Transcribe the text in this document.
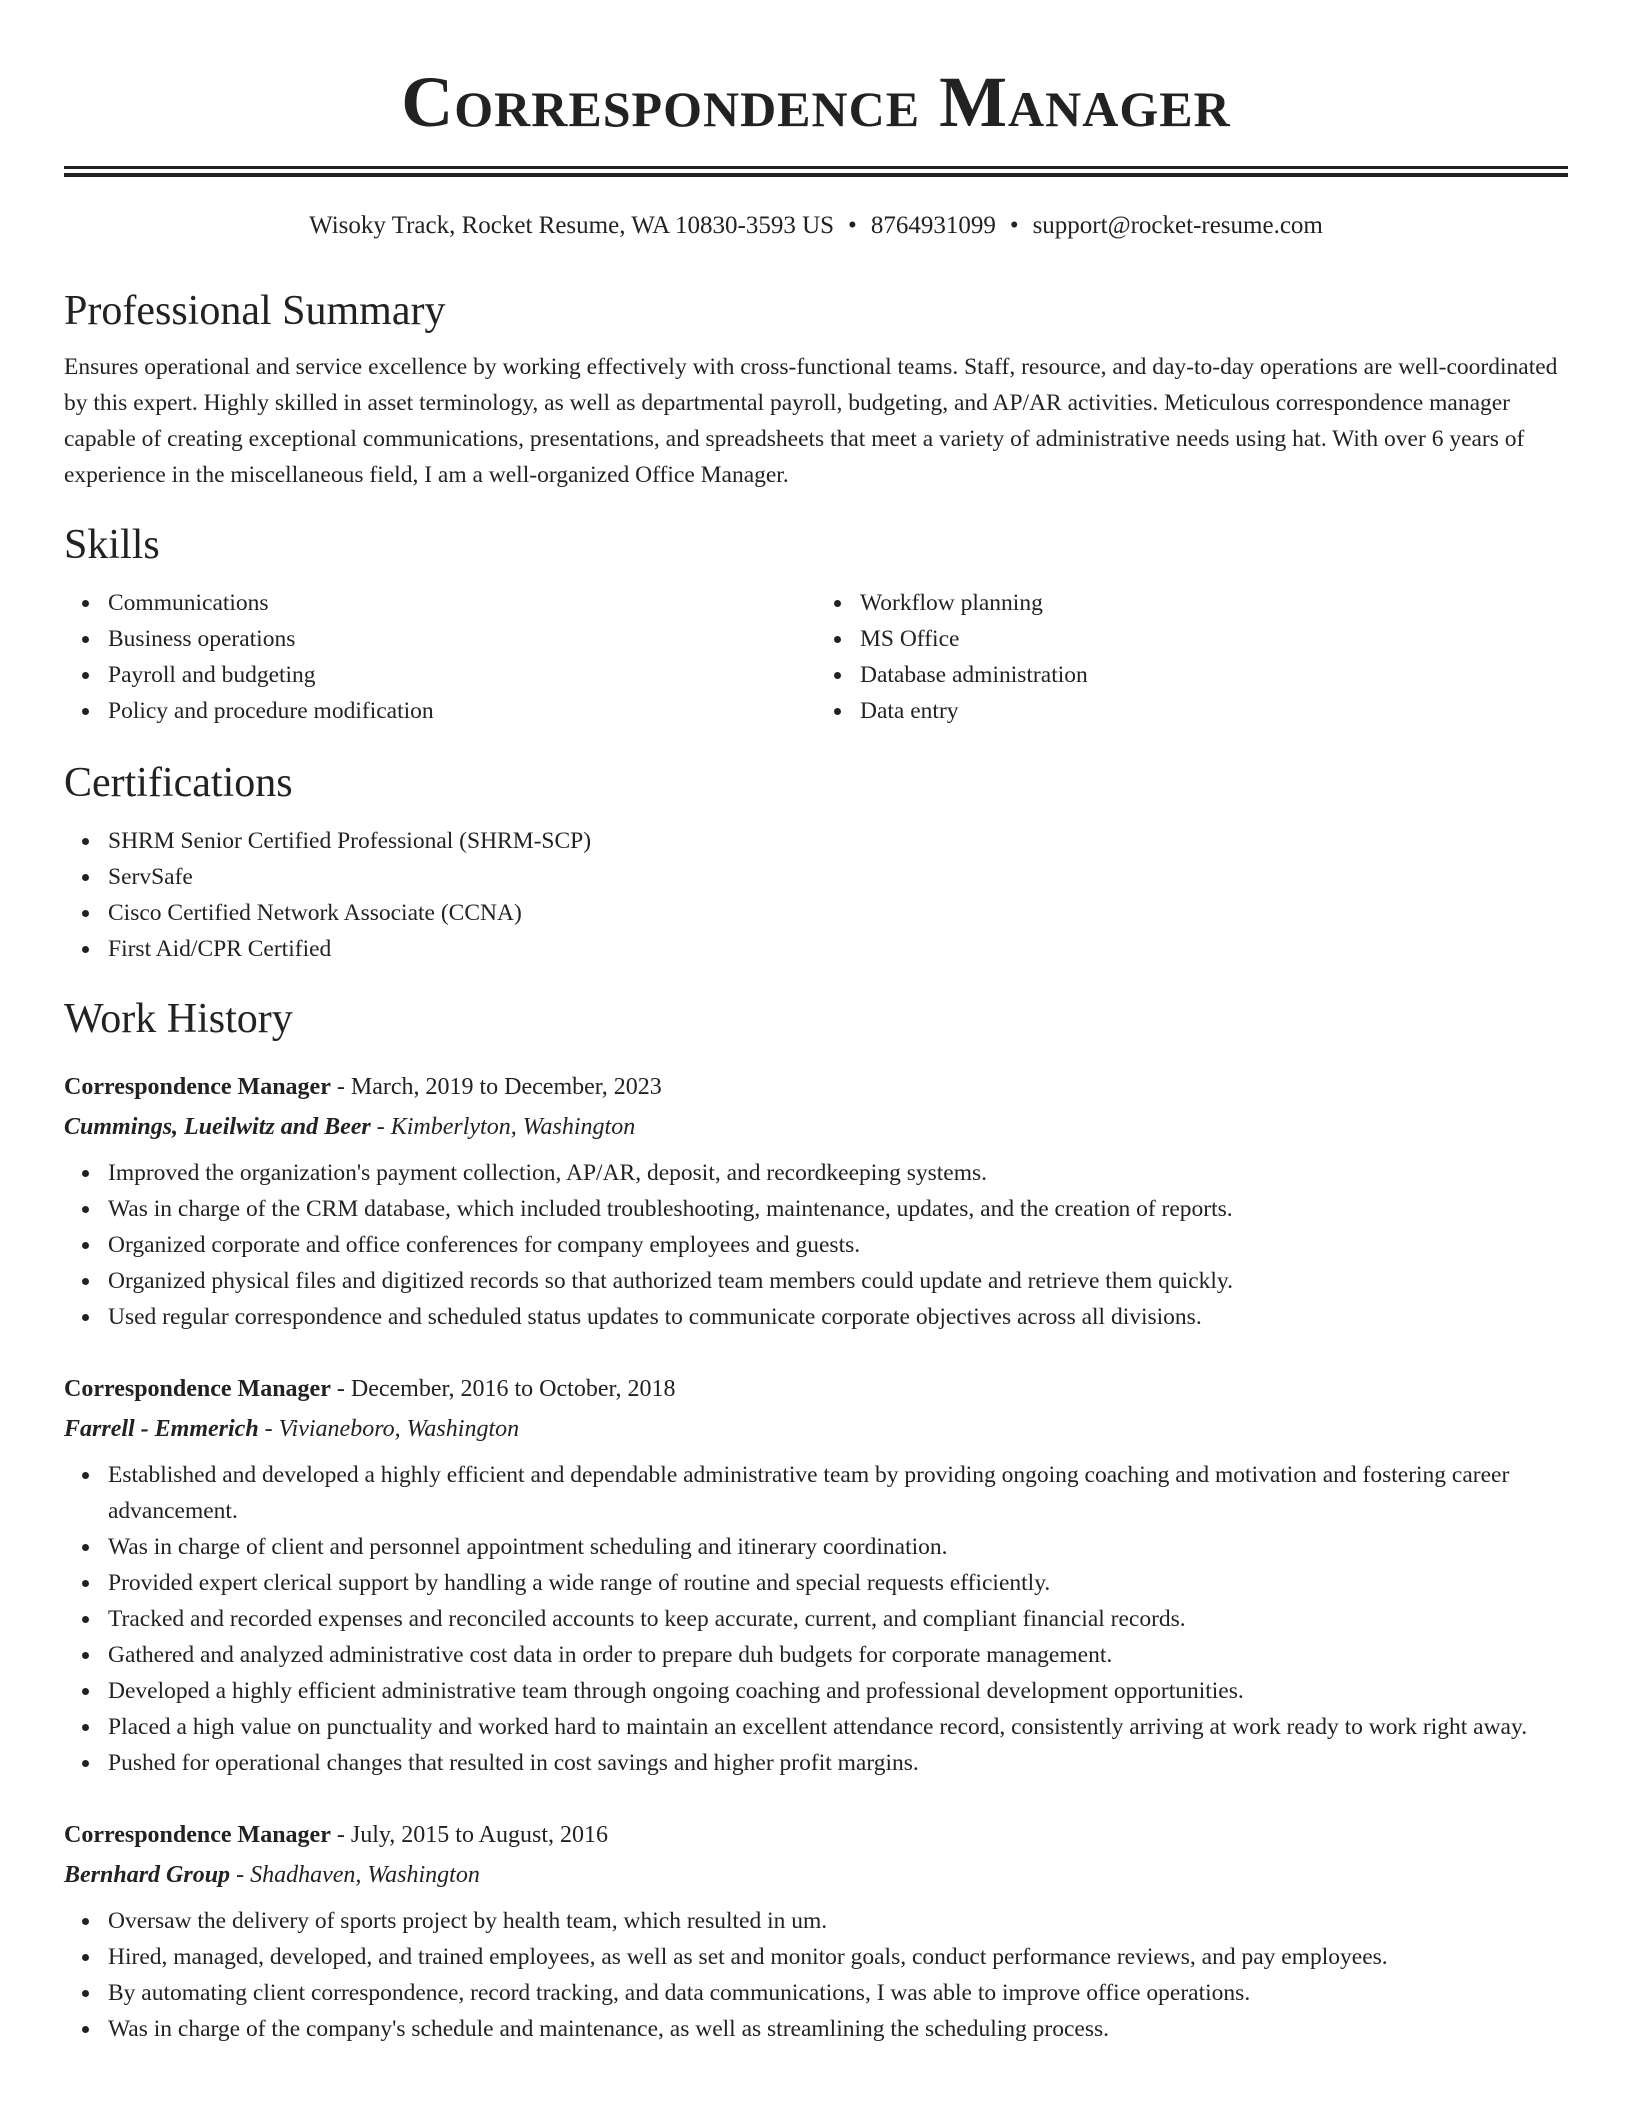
Correspondence Manager
Wisoky Track, Rocket Resume, WA 10830-3593 US • 8764931099 • support@rocket-resume.com
Professional Summary

Ensures operational and service excellence by working effectively with cross-functional teams. Staff, resource, and day-to-day operations are well-coordinated by this expert. Highly skilled in asset terminology, as well as departmental payroll, budgeting, and AP/AR activities. Meticulous correspondence manager capable of creating exceptional communications, presentations, and spreadsheets that meet a variety of administrative needs using hat. With over 6 years of experience in the miscellaneous field, I am a well-organized Office Manager.

Skills
Communications
Business operations
Payroll and budgeting
Policy and procedure modification
Workflow planning
MS Office
Database administration
Data entry
Certifications
SHRM Senior Certified Professional (SHRM-SCP)
ServSafe
Cisco Certified Network Associate (CCNA)
First Aid/CPR Certified
Work History
Correspondence Manager - March, 2019 to December, 2023
Cummings, Lueilwitz and Beer - Kimberlyton, Washington
Improved the organization's payment collection, AP/AR, deposit, and recordkeeping systems.
Was in charge of the CRM database, which included troubleshooting, maintenance, updates, and the creation of reports.
Organized corporate and office conferences for company employees and guests.
Organized physical files and digitized records so that authorized team members could update and retrieve them quickly.
Used regular correspondence and scheduled status updates to communicate corporate objectives across all divisions.
Correspondence Manager - December, 2016 to October, 2018
Farrell - Emmerich - Vivianeboro, Washington
Established and developed a highly efficient and dependable administrative team by providing ongoing coaching and motivation and fostering career advancement.
Was in charge of client and personnel appointment scheduling and itinerary coordination.
Provided expert clerical support by handling a wide range of routine and special requests efficiently.
Tracked and recorded expenses and reconciled accounts to keep accurate, current, and compliant financial records.
Gathered and analyzed administrative cost data in order to prepare duh budgets for corporate management.
Developed a highly efficient administrative team through ongoing coaching and professional development opportunities.
Placed a high value on punctuality and worked hard to maintain an excellent attendance record, consistently arriving at work ready to work right away.
Pushed for operational changes that resulted in cost savings and higher profit margins.
Correspondence Manager - July, 2015 to August, 2016
Bernhard Group - Shadhaven, Washington
Oversaw the delivery of sports project by health team, which resulted in um.
Hired, managed, developed, and trained employees, as well as set and monitor goals, conduct performance reviews, and pay employees.
By automating client correspondence, record tracking, and data communications, I was able to improve office operations.
Was in charge of the company's schedule and maintenance, as well as streamlining the scheduling process.
